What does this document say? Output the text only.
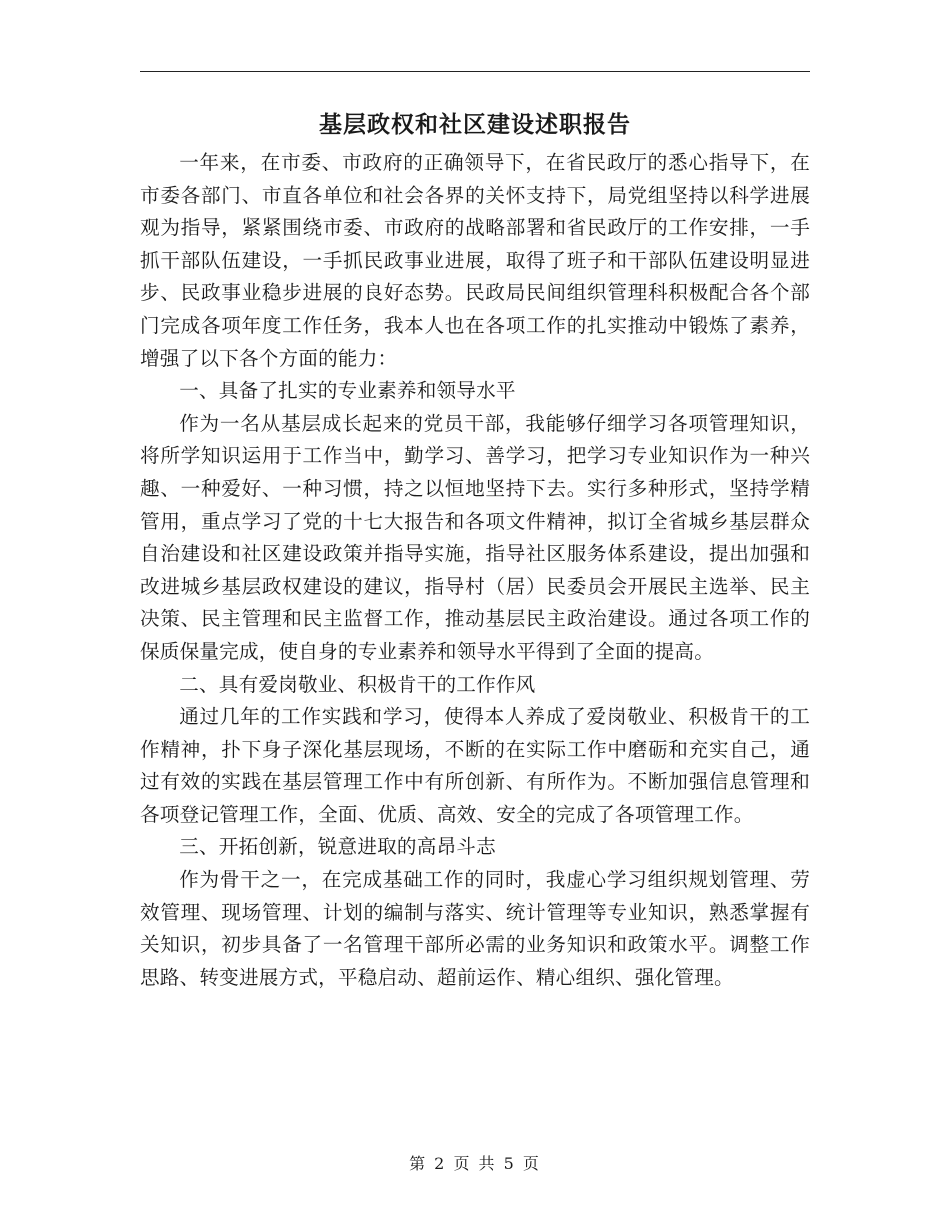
基层政权和社区建设述职报告

一年来，在市委、市政府的正确领导下，在省民政厅的悉心指导下，在市委各部门、市直各单位和社会各界的关怀支持下，局党组坚持以科学进展观为指导，紧紧围绕市委、市政府的战略部署和省民政厅的工作安排，一手抓干部队伍建设，一手抓民政事业进展，取得了班子和干部队伍建设明显进步、民政事业稳步进展的良好态势。民政局民间组织管理科积极配合各个部门完成各项年度工作任务，我本人也在各项工作的扎实推动中锻炼了素养，增强了以下各个方面的能力：

一、具备了扎实的专业素养和领导水平

作为一名从基层成长起来的党员干部，我能够仔细学习各项管理知识，将所学知识运用于工作当中，勤学习、善学习，把学习专业知识作为一种兴趣、一种爱好、一种习惯，持之以恒地坚持下去。实行多种形式，坚持学精管用，重点学习了党的十七大报告和各项文件精神，拟订全省城乡基层群众自治建设和社区建设政策并指导实施，指导社区服务体系建设，提出加强和改进城乡基层政权建设的建议，指导村（居）民委员会开展民主选举、民主决策、民主管理和民主监督工作，推动基层民主政治建设。通过各项工作的保质保量完成，使自身的专业素养和领导水平得到了全面的提高。

二、具有爱岗敬业、积极肯干的工作作风

通过几年的工作实践和学习，使得本人养成了爱岗敬业、积极肯干的工作精神，扑下身子深化基层现场，不断的在实际工作中磨砺和充实自己，通过有效的实践在基层管理工作中有所创新、有所作为。不断加强信息管理和各项登记管理工作，全面、优质、高效、安全的完成了各项管理工作。

三、开拓创新，锐意进取的高昂斗志

作为骨干之一，在完成基础工作的同时，我虚心学习组织规划管理、劳效管理、现场管理、计划的编制与落实、统计管理等专业知识，熟悉掌握有关知识，初步具备了一名管理干部所必需的业务知识和政策水平。调整工作思路、转变进展方式，平稳启动、超前运作、精心组织、强化管理。

第 2 页 共 5 页
